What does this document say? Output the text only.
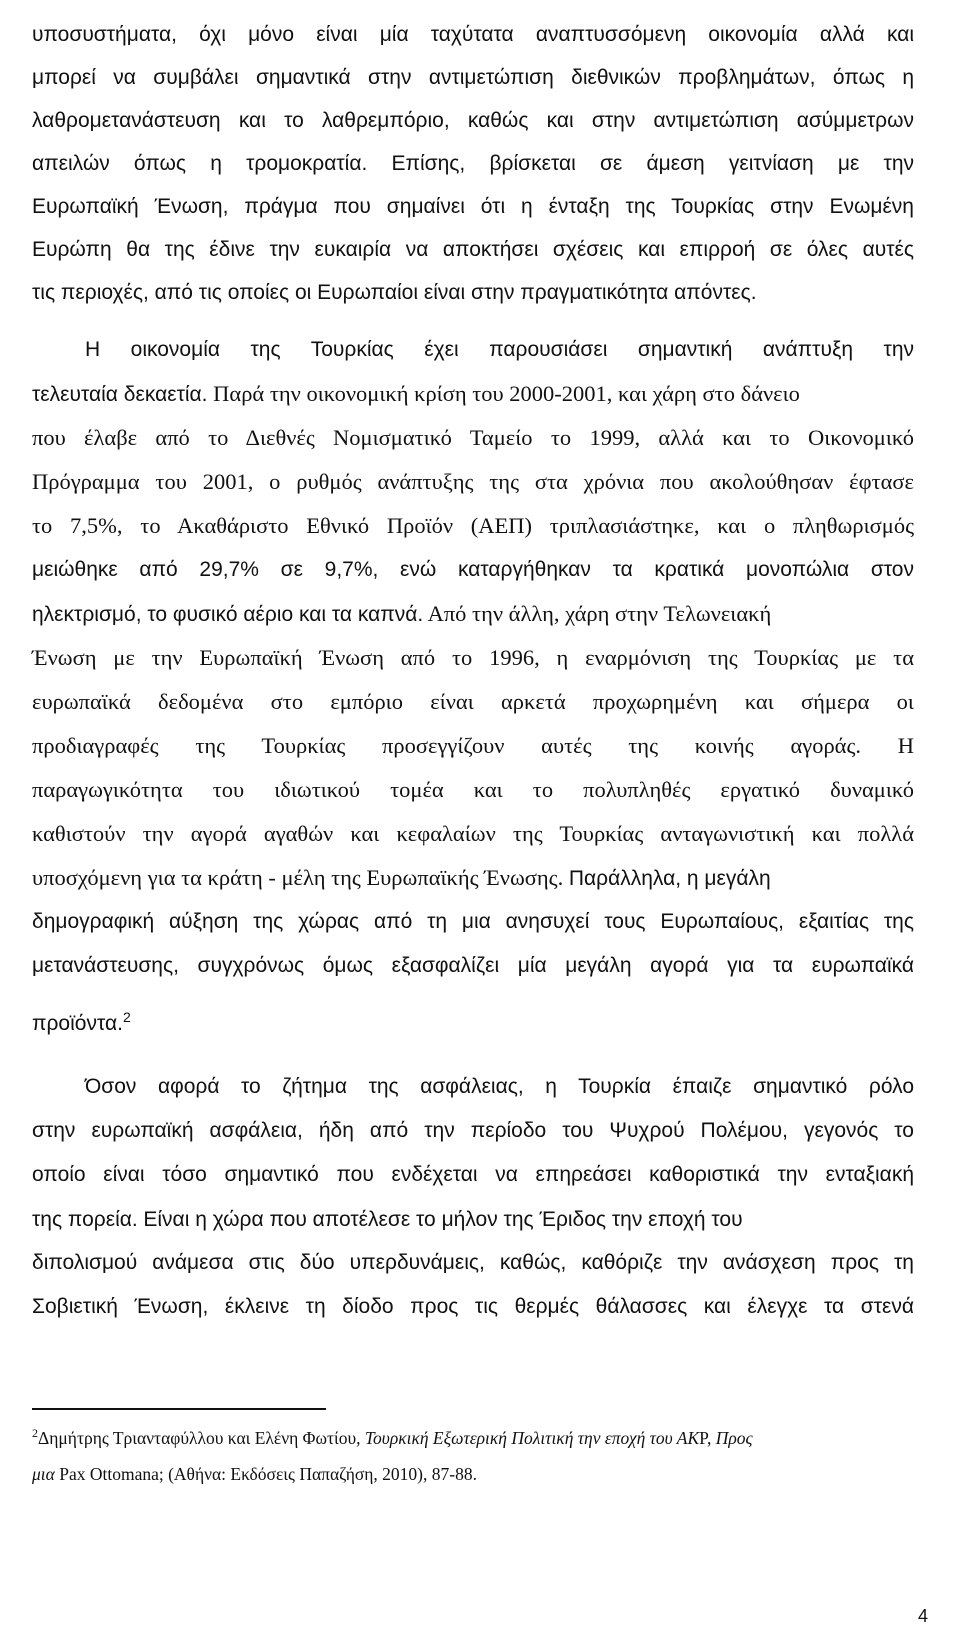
υποσυστήματα, όχι μόνο είναι μία ταχύτατα αναπτυσσόμενη οικονομία αλλά και
μπορεί να συμβάλει σημαντικά στην αντιμετώπιση διεθνικών προβλημάτων, όπως η
λαθρομετανάστευση και το λαθρεμπόριο, καθώς και στην αντιμετώπιση ασύμμετρων
απειλών όπως η τρομοκρατία. Επίσης, βρίσκεται σε άμεση γειτνίαση με την
Ευρωπαϊκή Ένωση, πράγμα που σημαίνει ότι η ένταξη της Τουρκίας στην Ενωμένη
Ευρώπη θα της έδινε την ευκαιρία να αποκτήσει σχέσεις και επιρροή σε όλες αυτές
τις περιοχές, από τις οποίες οι Ευρωπαίοι είναι στην πραγματικότητα απόντες.
Η οικονομία της Τουρκίας έχει παρουσιάσει σημαντική ανάπτυξη την
τελευταία δεκαετία. Παρά την οικονομική κρίση του 2000-2001, και χάρη στο δάνειο
που έλαβε από το Διεθνές Νομισματικό Ταμείο το 1999, αλλά και το Οικονομικό
Πρόγραμμα του 2001, ο ρυθμός ανάπτυξης της στα χρόνια που ακολούθησαν έφτασε
το 7,5%, το Ακαθάριστο Εθνικό Προϊόν (ΑΕΠ) τριπλασιάστηκε, και ο πληθωρισμός
μειώθηκε από 29,7% σε 9,7%, ενώ καταργήθηκαν τα κρατικά μονοπώλια στον
ηλεκτρισμό, το φυσικό αέριο και τα καπνά. Από την άλλη, χάρη στην Τελωνειακή
Ένωση με την Ευρωπαϊκή Ένωση από το 1996, η εναρμόνιση της Τουρκίας με τα
ευρωπαϊκά δεδομένα στο εμπόριο είναι αρκετά προχωρημένη και σήμερα οι
προδιαγραφές της Τουρκίας προσεγγίζουν αυτές της κοινής αγοράς. Η
παραγωγικότητα του ιδιωτικού τομέα και το πολυπληθές εργατικό δυναμικό
καθιστούν την αγορά αγαθών και κεφαλαίων της Τουρκίας ανταγωνιστική και πολλά
υποσχόμενη για τα κράτη - μέλη της Ευρωπαϊκής Ένωσης. Παράλληλα, η μεγάλη
δημογραφική αύξηση της χώρας από τη μια ανησυχεί τους Ευρωπαίους, εξαιτίας της
μετανάστευσης, συγχρόνως όμως εξασφαλίζει μία μεγάλη αγορά για τα ευρωπαϊκά
προϊόντα.$^2$
Όσον αφορά το ζήτημα της ασφάλειας, η Τουρκία έπαιζε σημαντικό ρόλο
στην ευρωπαϊκή ασφάλεια, ήδη από την περίοδο του Ψυχρού Πολέμου, γεγονός το
οποίο είναι τόσο σημαντικό που ενδέχεται να επηρεάσει καθοριστικά την ενταξιακή
της πορεία. Είναι η χώρα που αποτέλεσε το μήλον της Έριδος την εποχή του
διπολισμού ανάμεσα στις δύο υπερδυνάμεις, καθώς, καθόριζε την ανάσχεση προς τη
Σοβιετική Ένωση, έκλεινε τη δίοδο προς τις θερμές θάλασσες και έλεγχε τα στενά
$^2$Δημήτρης Τριανταφύλλου και Ελένη Φωτίου, Τουρκική Εξωτερική Πολιτική την εποχή του ΑΚΡ, Προς
μια Pax Ottomana; (Αθήνα: Εκδόσεις Παπαζήση, 2010), 87-88.
4
